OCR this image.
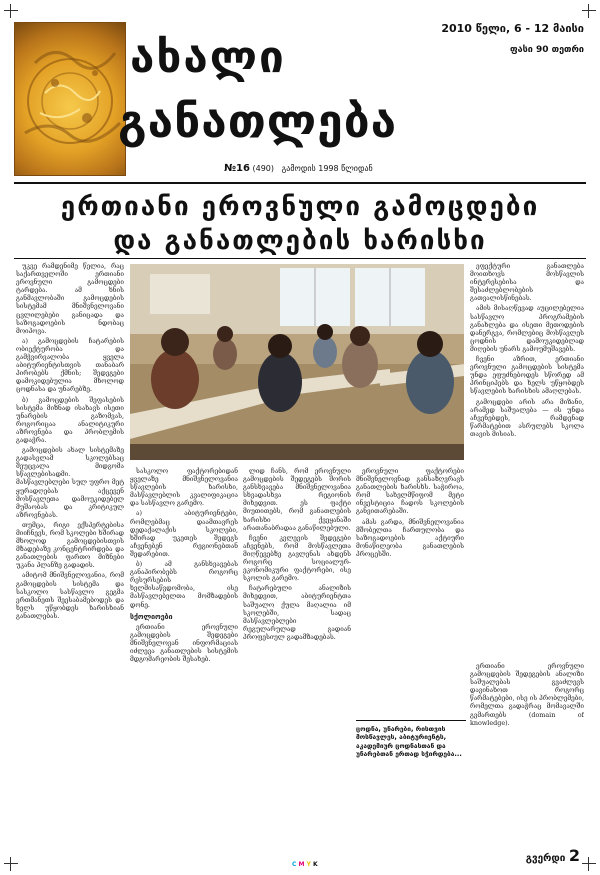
ახალი
განათლება
2010 წელი, 6 - 12 მაისი
ფასი 90 თეთრი
№16 (490) გამოდის 1998 წლიდან
ერთიანი ეროვნული გამოცდები
და განათლების ხარისხი

უკვე რამდენიმე წელია, რაც საქართველოში ერთიანი ეროვნული გამოცდები ტარდება. ამ ხნის განმავლობაში გამოცდების სისტემამ მნიშვნელოვანი ცვლილებები განიცადა და საზოგადოების ნდობაც მოიპოვა.

ა) გამოცდების ჩატარების ობიექტურობა და გამჭვირვალობა ყველა აბიტურიენტისთვის თანაბარ პირობებს ქმნის; შედეგები დამოკიდებულია მხოლოდ ცოდნასა და უნარებზე.

ბ) გამოცდების შეფასების სისტემა მიზნად ისახავს ისეთი უნარების გაზომვას, როგორიცაა ანალიტიკური აზროვნება და პრობლემის გადაჭრა.

გამოცდების ახალ სისტემაზე გადასვლამ სკოლებსაც შეუცვალა მიდგომა სწავლებისადმი. მასწავლებლები სულ უფრო მეტ ყურადღებას აქცევენ მოსწავლეთა დამოუკიდებელ მუშაობას და კრიტიკულ აზროვნებას.

თუმცა, რიგი ექსპერტებისა მიიჩნევს, რომ სკოლები ხშირად მხოლოდ გამოცდებისთვის მზადებაზე კონცენტრირდება და განათლების ფართო მიზნები უკანა პლანზე გადადის.

ამიტომ მნიშვნელოვანია, რომ გამოცდების სისტემა და სასკოლო სასწავლო გეგმა ერთმანეთს შეესაბამებოდეს და ხელს უწყობდეს ხარისხიან განათლებას.

სასკოლო ფაქტორებიდან ყველაზე მნიშვნელოვანია სწავლების ხარისხი, მასწავლებლის კვალიფიკაცია და სასწავლო გარემო.

ა) აბიტურიენტები, რომლებმაც დაამთავრეს დედაქალაქის სკოლები, ხშირად უკეთეს შედეგს აჩვენებენ რეგიონებთან შედარებით.

ბ) ამ განსხვავებას განაპირობებს როგორც რესურსების ხელმისაწვდომობა, ისე მასწავლებელთა მომზადების დონე.

სქოლიოები

ერთიანი ეროვნული გამოცდების შედეგები მნიშვნელოვან ინფორმაციას იძლევა განათლების სისტემის მდგომარეობის შესახებ.

ლიდ ჩანს, რომ ეროვნული გამოცდების შედეგებს შორის განსხვავება მნიშვნელოვანია სხვადასხვა რეგიონის მიხედვით. ეს ფაქტი მიუთითებს, რომ განათლების ხარისხი ქვეყანაში არათანაბრადაა განაწილებული.

ჩვენი კვლევის შედეგები აჩვენებს, რომ მოსწავლეთა მიღწევებზე გავლენას ახდენს როგორც სოციალურ-ეკონომიკური ფაქტორები, ისე სკოლის გარემო.

ჩატარებული ანალიზის მიხედვით, აბიტურიენტთა საშუალო ქულა მაღალია იმ სკოლებში, სადაც მასწავლებლები რეგულარულად გადიან პროფესიულ გადამზადებას.

ეროვნული ფაქტორები მნიშვნელოვნად განსაზღვრავს განათლების ხარისხს. საჭიროა, რომ სახელმწიფომ მეტი ინვესტიცია ჩადოს სკოლების განვითარებაში.

ამას გარდა, მნიშვნელოვანია მშობელთა ჩართულობა და საზოგადოების აქტიური მონაწილეობა განათლების პროცესში.

ცოდნა, უნარები, რისთვის მოსწავლეს, აბიტურიენტს, აკადემიურ ცოდნასთან და უნარებთან ერთად სჭირდება...

ეფექტური განათლება მოითხოვს მოსწავლის ინტერესებისა და შესაძლებლობების გათვალისწინებას.

ამის მისაღწევად აუცილებელია სასწავლო პროგრამების განახლება და ისეთი მეთოდების დანერგვა, რომლებიც მოსწავლეს ცოდნის დამოუკიდებლად მიღების უნარს გამოუმუშავებს.

ჩვენი აზრით, ერთიანი ეროვნული გამოცდების სისტემა უნდა ეფუძნებოდეს სწორედ ამ პრინციპებს და ხელს უწყობდეს სწავლების ხარისხის ამაღლებას.

გამოცდები არის არა მიზანი, არამედ საშუალება — ის უნდა აჩვენებდეს, რამდენად წარმატებით ასრულებს სკოლა თავის მისიას.

ერთიანი ეროვნული გამოცდების შედეგების ანალიზი საშუალებას გვაძლევს დავინახოთ როგორც წარმატებები, ისე ის პრობლემები, რომელთა გადაჭრაც მომავალში გვმართებს (domain of knowledge).

გვერდი 2
C M Y K
